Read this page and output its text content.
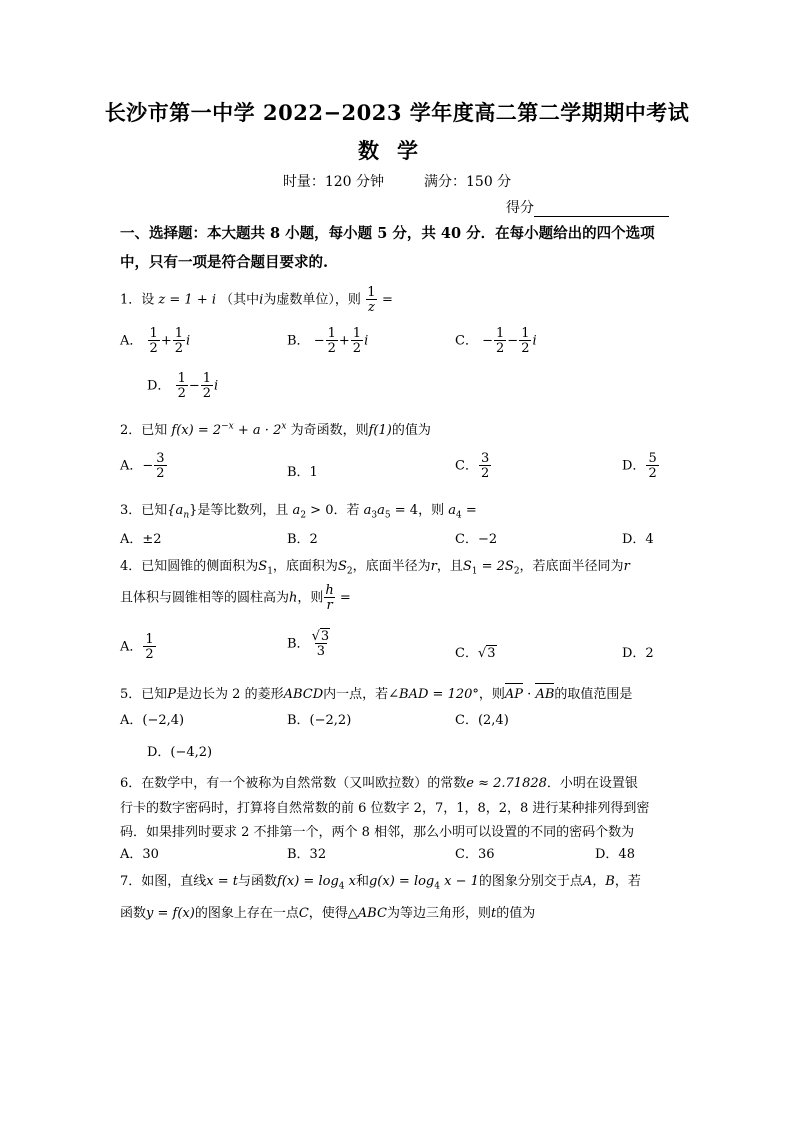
长沙市第一中学 2022−2023 学年度高二第二学期期中考试
数学
时量：120 分钟	满分：150 分
得分
一、选择题：本大题共 8 小题，每小题 5 分，共 40 分．在每小题给出的四个选项中，只有一项是符合题目要求的.
1．设 z = 1 + i （其中i为虚数单位），则 $\frac{1}{z}$ =
A． $\frac{1}{2} + \frac{1}{2}$ i	B． − $\frac{1}{2} + \frac{1}{2}$ i	C． − $\frac{1}{2} - \frac{1}{2}$ i
D． $\frac{1}{2} - \frac{1}{2}$ i
2．已知 $f(x) = 2^{-x} + a \cdot 2^x$ 为奇函数，则f(1)的值为
A．− $\frac{3}{2}$	B．1	C． $\frac{3}{2}$	D． $\frac{5}{2}$
3．已知$\{a_n\}$是等比数列，且 $a_2 > 0$．若 $a_3a_5 = 4$，则 $a_4$ =
A．±2	B．2	C．−2	D．4
4．已知圆锥的侧面积为$S_1$，底面积为$S_2$，底面半径为r，且$S_1 = 2S_2$，若底面半径同为r
且体积与圆锥相等的圆柱高为h，则 $\frac{h}{r}$ =
A． $\frac{1}{2}$	B． $\frac{√3}{3}$	C．√3	D．2
5．已知P是边长为 2 的菱形ABCD内一点，若∠BAD = 120°，则AP · AB的取值范围是
A．(−2,4)	B．(−2,2)	C．(2,4)
D．(−4,2)
6．在数学中，有一个被称为自然常数（又叫欧拉数）的常数e ≈ 2.71828．小明在设置银
行卡的数字密码时，打算将自然常数的前 6 位数字 2，7，1，8，2，8 进行某种排列得到密
码．如果排列时要求 2 不排第一个，两个 8 相邻，那么小明可以设置的不同的密码个数为
A．30	B．32	C．36	D．48
7．如图，直线x = t与函数$f(x) = \log_4 x$和$g(x) = \log_4 x - 1$的图象分别交于点A，B，若
函数y = f(x)的图象上存在一点C，使得△ABC为等边三角形，则t的值为
